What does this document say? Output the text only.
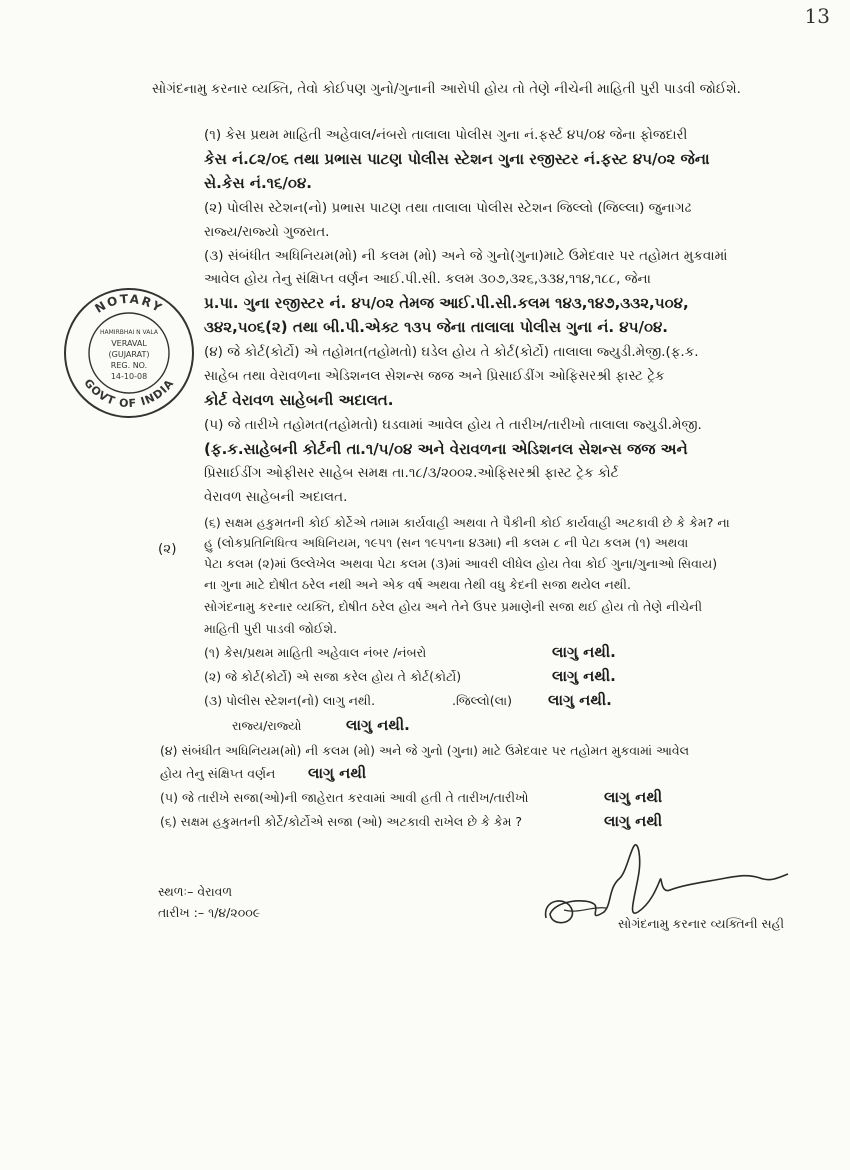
13
સોગંદનામુ કરનાર વ્યક્તિ, તેવો કોઈપણ ગુનો/ગુનાની આરોપી હોય તો તેણે નીચેની માહિતી પુરી પાડવી જોઈશે.
(૧) કેસ પ્રથમ માહિતી અહેવાલ/નંબરો તાલાલા પોલીસ ગુના નં.ફર્સ્ટ ૪૫/૦૪ જેના ફોજદારી
કેસ નં.૮૨/૦૬ તથા પ્રભાસ પાટણ પોલીસ સ્ટેશન ગુના રજીસ્ટર નં.ફસ્ટ ૪૫/૦૨ જેના
સે.કેસ નં.૧૬/૦૪.
(૨) પોલીસ સ્ટેશન(નો) પ્રભાસ પાટણ તથા તાલાલા પોલીસ સ્ટેશન જિલ્લો (જિલ્લા) જુનાગઢ
રાજ્ય/રાજ્યો ગુજરાત.
(૩) સંબંધીત અધિનિયમ(મો) ની કલમ (મો) અને જે ગુનો(ગુના)માટે ઉમેદવાર પર તહોમત મુકવામાં
આવેલ હોય તેનુ સંક્ષિપ્ત વર્ણન આઈ.પી.સી. કલમ ૩૦૭,૩૨૬,૩૩૪,૧૧૪,૧૮૮, જેના
પ્ર.પા. ગુના રજીસ્ટર નં. ૪૫/૦૨ તેમજ આઈ.પી.સી.કલમ ૧૪૩,૧૪૭,૩૩૨,૫૦૪,
૩૪૨,૫૦૬(૨) તથા બી.પી.એક્ટ ૧૩૫ જેના તાલાલા પોલીસ ગુના નં. ૪૫/૦૪.
(૪) જે કોર્ટ(કોર્ટો) એ તહોમત(તહોમતો) ઘડેલ હોય તે કોર્ટ(કોર્ટો) તાલાલા જ્યુડી.મેજી.(ફ.ક.
સાહેબ તથા વેરાવળના એડિશનલ સેશન્સ જજ અને પ્રિસાઈડીંગ ઓફિસરશ્રી ફાસ્ટ ટ્રેક
કોર્ટ વેરાવળ સાહેબની અદાલત.
(૫) જે તારીખે તહોમત(તહોમતો) ઘડવામાં આવેલ હોય તે તારીખ/તારીખો તાલાલા જ્યુડી.મેજી.
(ફ.ક.સાહેબની કોર્ટની તા.૧/૫/૦૪ અને વેરાવળના એડિશનલ સેશન્સ જજ અને
પ્રિસાઈડીંગ ઓફીસર સાહેબ સમક્ષ તા.૧૮/૩/૨૦૦૨.ઓફિસરશ્રી ફાસ્ટ ટ્રેક કોર્ટ
વેરાવળ સાહેબની અદાલત.
(૨)
(૬) સક્ષમ હકુમતની કોઈ કોર્ટેએ તમામ કાર્યવાહી અથવા તે પૈકીની કોઈ કાર્યવાહી અટકાવી છે કે કેમ? ના
હુ (લોકપ્રતિનિધિત્વ અધિનિયમ, ૧૯૫૧ (સન ૧૯૫૧ના ૪૩મા) ની કલમ ૮ ની પેટા કલમ (૧) અથવા
પેટા કલમ (૨)માં ઉલ્લેખેલ અથવા પેટા કલમ (૩)માં આવરી લીધેલ હોય તેવા કોઈ ગુના/ગુનાઓ સિવાય)
ના ગુના માટે દોષીત ઠરેલ નથી અને એક વર્ષ અથવા તેથી વધુ કેદની સજા થયેલ નથી.
સોગંદનામુ કરનાર વ્યક્તિ, દોષીત ઠરેલ હોય અને તેને ઉપર પ્રમાણેની સજા થઈ હોય તો તેણે નીચેની
માહિતી પુરી પાડવી જોઈશે.
(૧) કેસ/પ્રથમ માહિતી અહેવાલ નંબર /નંબરો	લાગુ નથી.
(૨) જે કોર્ટ(કોર્ટો) એ સજા કરેલ હોય તે કોર્ટ(કોર્ટો)	લાગુ નથી.
(૩) પોલીસ સ્ટેશન(નો) લાગુ નથી.	.જિલ્લો(લા) લાગુ નથી.
રાજ્ય/રાજ્યો	લાગુ નથી.
(૪) સંબંધીત અધિનિયમ(મો) ની કલમ (મો) અને જે ગુનો (ગુના) માટે ઉમેદવાર પર તહોમત મુકવામાં આવેલ
હોય તેનુ સંક્ષિપ્ત વર્ણન લાગુ નથી
(૫) જે તારીખે સજા(ઓ)ની જાહેરાત કરવામાં આવી હતી તે તારીખ/તારીખો	લાગુ નથી
(૬) સક્ષમ હકુમતની કોર્ટે/કોર્ટોએ સજા (ઓ) અટકાવી રાખેલ છે કે કેમ ?	લાગુ નથી
સ્થળઃ– વેરાવળ
તારીખ :– ૧/૪/૨૦૦૯
સોગંદનામુ કરનાર વ્યક્તિની સહી
NOTARY
GOVT OF INDIA
HAMIRBHAI N VALA
VERAVAL
(GUJARAT)
REG. NO.
14-10-08
